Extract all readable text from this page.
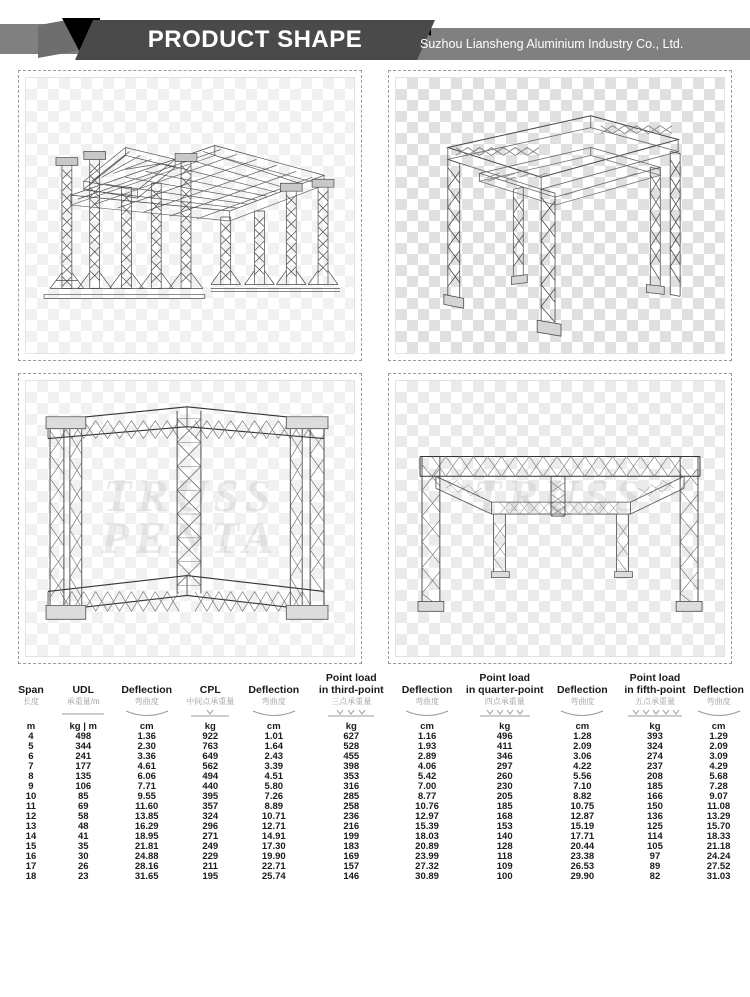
PRODUCT SHAPE	Suzhou Liansheng Aluminium Industry Co., Ltd.
TRUSS
PENTA
TRUSS
Span	UDL	Deflection	CPL	Deflection	Point load
in third-point	Deflection	Point load
in quarter-point	Deflection	Point load
in fifth-point	Deflection
长度	承重量/m	弯曲度	中间点承重量	弯曲度	三点承重量	弯曲度	四点承重量	弯曲度	五点承重量	弯曲度

m	kg | m	cm	kg	cm	kg	cm	kg	cm	kg	cm
4	498	1.36	922	1.01	627	1.16	496	1.28	393	1.29
5	344	2.30	763	1.64	528	1.93	411	2.09	324	2.09
6	241	3.36	649	2.43	455	2.89	346	3.06	274	3.09
7	177	4.61	562	3.39	398	4.06	297	4.22	237	4.29
8	135	6.06	494	4.51	353	5.42	260	5.56	208	5.68
9	106	7.71	440	5.80	316	7.00	230	7.10	185	7.28
10	85	9.55	395	7.26	285	8.77	205	8.82	166	9.07
11	69	11.60	357	8.89	258	10.76	185	10.75	150	11.08
12	58	13.85	324	10.71	236	12.97	168	12.87	136	13.29
13	48	16.29	296	12.71	216	15.39	153	15.19	125	15.70
14	41	18.95	271	14.91	199	18.03	140	17.71	114	18.33
15	35	21.81	249	17.30	183	20.89	128	20.44	105	21.18
16	30	24.88	229	19.90	169	23.99	118	23.38	97	24.24
17	26	28.16	211	22.71	157	27.32	109	26.53	89	27.52
18	23	31.65	195	25.74	146	30.89	100	29.90	82	31.03
